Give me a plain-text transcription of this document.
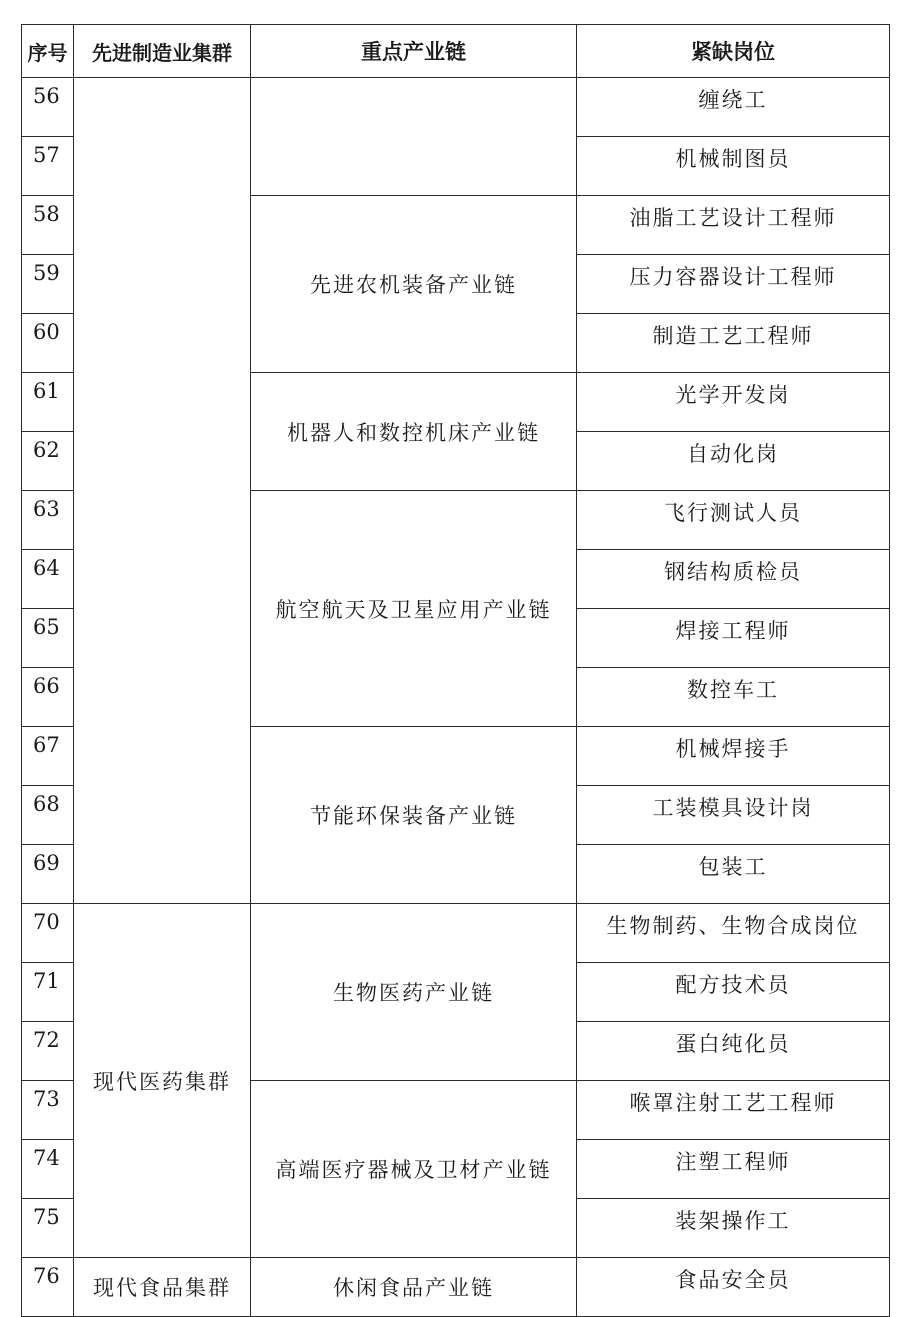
序号	先进制造业集群	重点产业链	紧缺岗位
56			缠绕工
57			机械制图员
58		先进农机装备产业链	油脂工艺设计工程师
59			压力容器设计工程师
60			制造工艺工程师
61		机器人和数控机床产业链	光学开发岗
62			自动化岗
63		航空航天及卫星应用产业链	飞行测试人员
64			钢结构质检员
65			焊接工程师
66			数控车工
67		节能环保装备产业链	机械焊接手
68			工装模具设计岗
69			包装工
70	现代医药集群	生物医药产业链	生物制药、生物合成岗位
71			配方技术员
72			蛋白纯化员
73		高端医疗器械及卫材产业链	喉罩注射工艺工程师
74			注塑工程师
75			装架操作工
76	现代食品集群	休闲食品产业链	食品安全员
